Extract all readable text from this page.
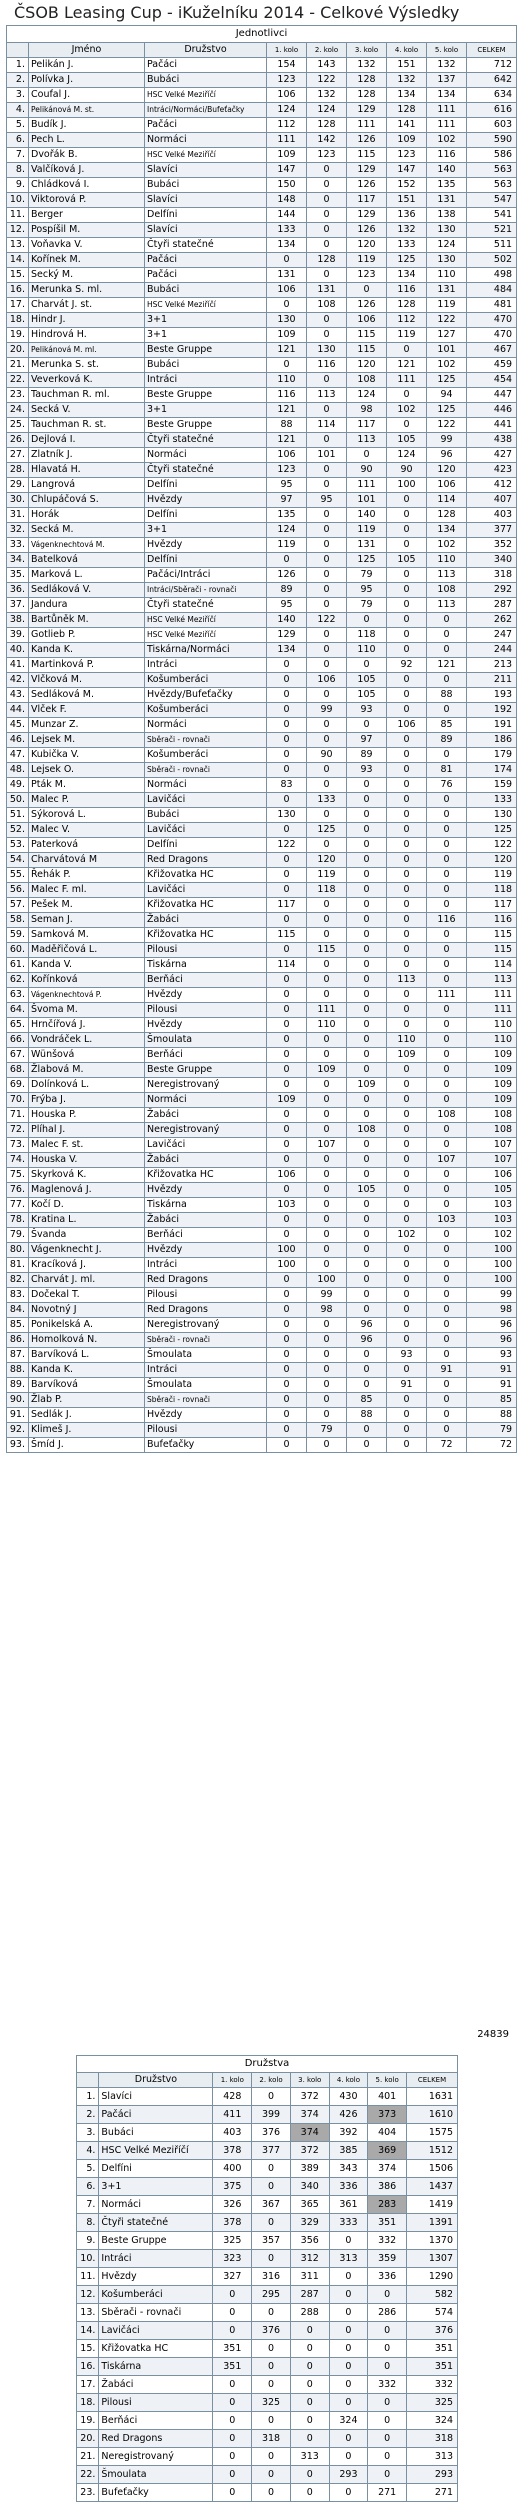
ČSOB Leasing Cup - iKuželníku 2014 - Celkové Výsledky
Jednotlivci								
	Jméno	Družstvo	1. kolo	2. kolo	3. kolo	4. kolo	5. kolo	CELKEM
1.	Pelikán J.	Pačáci	154	143	132	151	132	712
2.	Polívka J.	Bubáci	123	122	128	132	137	642
3.	Coufal J.	HSC Velké Meziříčí	106	132	128	134	134	634
4.	Pelikánová M. st.	Intráci/Normáci/Bufeťačky	124	124	129	128	111	616
5.	Budík J.	Pačáci	112	128	111	141	111	603
6.	Pech L.	Normáci	111	142	126	109	102	590
7.	Dvořák B.	HSC Velké Meziříčí	109	123	115	123	116	586
8.	Valčíková J.	Slavíci	147	0	129	147	140	563
9.	Chládková I.	Bubáci	150	0	126	152	135	563
10.	Viktorová P.	Slavíci	148	0	117	151	131	547
11.	Berger	Delfíni	144	0	129	136	138	541
12.	Pospíšil M.	Slavíci	133	0	126	132	130	521
13.	Voňavka V.	Čtyři statečné	134	0	120	133	124	511
14.	Kořínek M.	Pačáci	0	128	119	125	130	502
15.	Secký M.	Pačáci	131	0	123	134	110	498
16.	Merunka S. ml.	Bubáci	106	131	0	116	131	484
17.	Charvát J. st.	HSC Velké Meziříčí	0	108	126	128	119	481
18.	Hindr J.	3+1	130	0	106	112	122	470
19.	Hindrová H.	3+1	109	0	115	119	127	470
20.	Pelikánová M. ml.	Beste Gruppe	121	130	115	0	101	467
21.	Merunka S. st.	Bubáci	0	116	120	121	102	459
22.	Veverková K.	Intráci	110	0	108	111	125	454
23.	Tauchman R. ml.	Beste Gruppe	116	113	124	0	94	447
24.	Secká V.	3+1	121	0	98	102	125	446
25.	Tauchman R. st.	Beste Gruppe	88	114	117	0	122	441
26.	Dejlová I.	Čtyři statečné	121	0	113	105	99	438
27.	Zlatník J.	Normáci	106	101	0	124	96	427
28.	Hlavatá H.	Čtyři statečné	123	0	90	90	120	423
29.	Langrová	Delfíni	95	0	111	100	106	412
30.	Chlupáčová S.	Hvězdy	97	95	101	0	114	407
31.	Horák	Delfíni	135	0	140	0	128	403
32.	Secká M.	3+1	124	0	119	0	134	377
33.	Vágenknechtová M.	Hvězdy	119	0	131	0	102	352
34.	Batelková	Delfíni	0	0	125	105	110	340
35.	Marková L.	Pačáci/Intráci	126	0	79	0	113	318
36.	Sedláková V.	Intráci/Sběrači - rovnači	89	0	95	0	108	292
37.	Jandura	Čtyři statečné	95	0	79	0	113	287
38.	Bartůněk M.	HSC Velké Meziříčí	140	122	0	0	0	262
39.	Gotlieb P.	HSC Velké Meziříčí	129	0	118	0	0	247
40.	Kanda K.	Tiskárna/Normáci	134	0	110	0	0	244
41.	Martinková P.	Intráci	0	0	0	92	121	213
42.	Vlčková M.	Košumberáci	0	106	105	0	0	211
43.	Sedláková M.	Hvězdy/Bufeťačky	0	0	105	0	88	193
44.	Vlček F.	Košumberáci	0	99	93	0	0	192
45.	Munzar Z.	Normáci	0	0	0	106	85	191
46.	Lejsek M.	Sběrači - rovnači	0	0	97	0	89	186
47.	Kubička V.	Košumberáci	0	90	89	0	0	179
48.	Lejsek O.	Sběrači - rovnači	0	0	93	0	81	174
49.	Pták M.	Normáci	83	0	0	0	76	159
50.	Malec P.	Lavičáci	0	133	0	0	0	133
51.	Sýkorová L.	Bubáci	130	0	0	0	0	130
52.	Malec V.	Lavičáci	0	125	0	0	0	125
53.	Paterková	Delfíni	122	0	0	0	0	122
54.	Charvátová M	Red Dragons	0	120	0	0	0	120
55.	Řehák P.	Křižovatka HC	0	119	0	0	0	119
56.	Malec F. ml.	Lavičáci	0	118	0	0	0	118
57.	Pešek M.	Křižovatka HC	117	0	0	0	0	117
58.	Seman J.	Žabáci	0	0	0	0	116	116
59.	Samková M.	Křižovatka HC	115	0	0	0	0	115
60.	Maděřičová L.	Pilousi	0	115	0	0	0	115
61.	Kanda V.	Tiskárna	114	0	0	0	0	114
62.	Kořínková	Berňáci	0	0	0	113	0	113
63.	Vágenknechtová P.	Hvězdy	0	0	0	0	111	111
64.	Švoma M.	Pilousi	0	111	0	0	0	111
65.	Hrnčířová J.	Hvězdy	0	110	0	0	0	110
66.	Vondráček L.	Šmoulata	0	0	0	110	0	110
67.	Wünšová	Berňáci	0	0	0	109	0	109
68.	Žlabová M.	Beste Gruppe	0	109	0	0	0	109
69.	Dolínková L.	Neregistrovaný	0	0	109	0	0	109
70.	Frýba J.	Normáci	109	0	0	0	0	109
71.	Houska P.	Žabáci	0	0	0	0	108	108
72.	Plíhal J.	Neregistrovaný	0	0	108	0	0	108
73.	Malec F. st.	Lavičáci	0	107	0	0	0	107
74.	Houska V.	Žabáci	0	0	0	0	107	107
75.	Skyrková K.	Křižovatka HC	106	0	0	0	0	106
76.	Maglenová J.	Hvězdy	0	0	105	0	0	105
77.	Kočí D.	Tiskárna	103	0	0	0	0	103
78.	Kratina L.	Žabáci	0	0	0	0	103	103
79.	Švanda	Berňáci	0	0	0	102	0	102
80.	Vágenknecht J.	Hvězdy	100	0	0	0	0	100
81.	Kracíková J.	Intráci	100	0	0	0	0	100
82.	Charvát J. ml.	Red Dragons	0	100	0	0	0	100
83.	Dočekal T.	Pilousi	0	99	0	0	0	99
84.	Novotný J	Red Dragons	0	98	0	0	0	98
85.	Ponikelská A.	Neregistrovaný	0	0	96	0	0	96
86.	Homolková N.	Sběrači - rovnači	0	0	96	0	0	96
87.	Barvíková L.	Šmoulata	0	0	0	93	0	93
88.	Kanda K.	Intráci	0	0	0	0	91	91
89.	Barvíková	Šmoulata	0	0	0	91	0	91
90.	Žlab P.	Sběrači - rovnači	0	0	85	0	0	85
91.	Sedlák J.	Hvězdy	0	0	88	0	0	88
92.	Klimeš J.	Pilousi	0	79	0	0	0	79
93.	Šmíd J.	Bufeťačky	0	0	0	0	72	72
24839
Družstva							
	Družstvo	1. kolo	2. kolo	3. kolo	4. kolo	5. kolo	CELKEM
1.	Slavíci	428	0	372	430	401	1631
2.	Pačáci	411	399	374	426	373	1610
3.	Bubáci	403	376	374	392	404	1575
4.	HSC Velké Meziříčí	378	377	372	385	369	1512
5.	Delfíni	400	0	389	343	374	1506
6.	3+1	375	0	340	336	386	1437
7.	Normáci	326	367	365	361	283	1419
8.	Čtyři statečné	378	0	329	333	351	1391
9.	Beste Gruppe	325	357	356	0	332	1370
10.	Intráci	323	0	312	313	359	1307
11.	Hvězdy	327	316	311	0	336	1290
12.	Košumberáci	0	295	287	0	0	582
13.	Sběrači - rovnači	0	0	288	0	286	574
14.	Lavičáci	0	376	0	0	0	376
15.	Křižovatka HC	351	0	0	0	0	351
16.	Tiskárna	351	0	0	0	0	351
17.	Žabáci	0	0	0	0	332	332
18.	Pilousi	0	325	0	0	0	325
19.	Berňáci	0	0	0	324	0	324
20.	Red Dragons	0	318	0	0	0	318
21.	Neregistrovaný	0	0	313	0	0	313
22.	Šmoulata	0	0	0	293	0	293
23.	Bufeťačky	0	0	0	0	271	271
